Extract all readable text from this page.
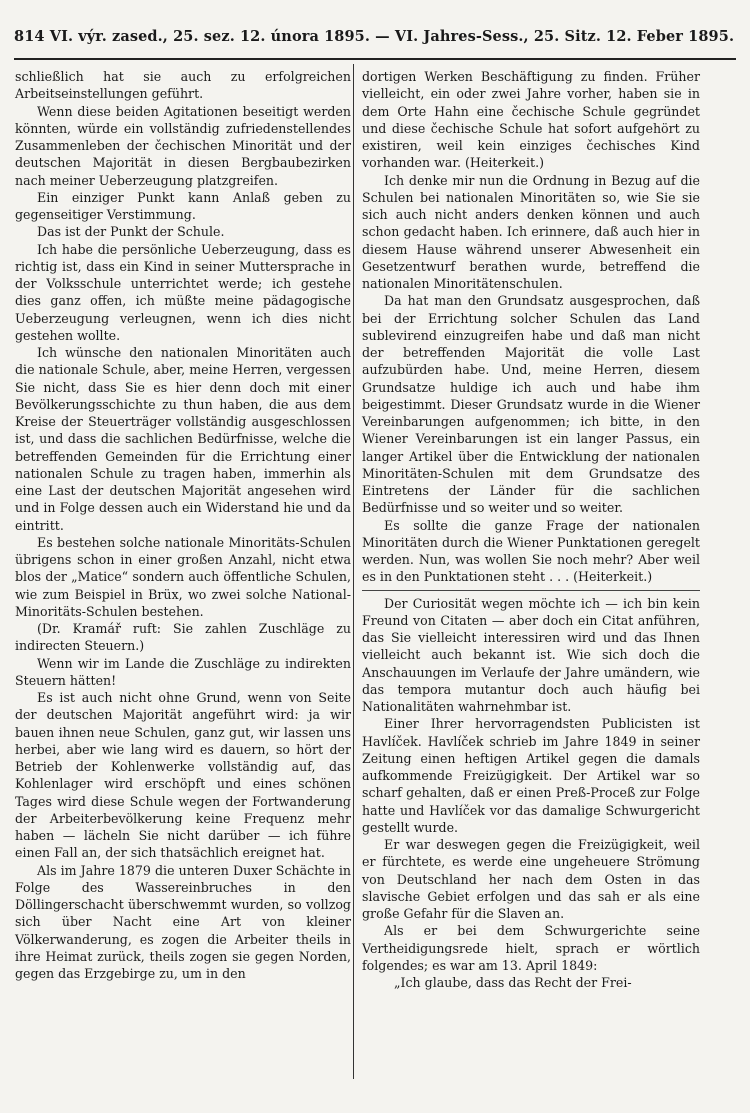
814 VI. výr. zased., 25. sez. 12. února 1895. — VI. Jahres-Sess., 25. Sitz. 12. Feber 1895.

schließlich hat sie auch zu erfolgreichen Arbeitseinstellungen geführt.

Wenn diese beiden Agitationen beseitigt werden könnten, würde ein vollständig zufriedenstellendes Zusammenleben der čechischen Minorität und der deutschen Majorität in diesen Bergbaubezirken nach meiner Ueberzeugung platzgreifen.

Ein einziger Punkt kann Anlaß geben zu gegenseitiger Verstimmung.

Das ist der Punkt der Schule.

Ich habe die persönliche Ueberzeugung, dass es richtig ist, dass ein Kind in seiner Muttersprache in der Volksschule unterrichtet werde; ich gestehe dies ganz offen, ich müßte meine pädagogische Ueberzeugung verleugnen, wenn ich dies nicht gestehen wollte.

Ich wünsche den nationalen Minoritäten auch die nationale Schule, aber, meine Herren, vergessen Sie nicht, dass Sie es hier denn doch mit einer Bevölkerungsschichte zu thun haben, die aus dem Kreise der Steuerträger vollständig ausgeschlossen ist, und dass die sachlichen Bedürfnisse, welche die betreffenden Gemeinden für die Errichtung einer nationalen Schule zu tragen haben, immerhin als eine Last der deutschen Majorität angesehen wird und in Folge dessen auch ein Widerstand hie und da eintritt.

Es bestehen solche nationale Minoritäts-Schulen übrigens schon in einer großen Anzahl, nicht etwa blos der „Matice“ sondern auch öffentliche Schulen, wie zum Beispiel in Brüx, wo zwei solche National-Minoritäts-Schulen bestehen.

(Dr. Kramář ruft: Sie zahlen Zuschläge zu indirecten Steuern.)

Wenn wir im Lande die Zuschläge zu indirekten Steuern hätten!

Es ist auch nicht ohne Grund, wenn von Seite der deutschen Majorität angeführt wird: ja wir bauen ihnen neue Schulen, ganz gut, wir lassen uns herbei, aber wie lang wird es dauern, so hört der Betrieb der Kohlenwerke vollständig auf, das Kohlenlager wird erschöpft und eines schönen Tages wird diese Schule wegen der Fortwanderung der Arbeiterbevölkerung keine Frequenz mehr haben — lächeln Sie nicht darüber — ich führe einen Fall an, der sich thatsächlich ereignet hat.

Als im Jahre 1879 die unteren Duxer Schächte in Folge des Wassereinbruches in den Döllingerschacht überschwemmt wurden, so vollzog sich über Nacht eine Art von kleiner Völkerwanderung, es zogen die Arbeiter theils in ihre Heimat zurück, theils zogen sie gegen Norden, gegen das Erzgebirge zu, um in den

dortigen Werken Beschäftigung zu finden. Früher vielleicht, ein oder zwei Jahre vorher, haben sie in dem Orte Hahn eine čechische Schule gegründet und diese čechische Schule hat sofort aufgehört zu existiren, weil kein einziges čechisches Kind vorhanden war. (Heiterkeit.)

Ich denke mir nun die Ordnung in Bezug auf die Schulen bei nationalen Minoritäten so, wie Sie sie sich auch nicht anders denken können und auch schon gedacht haben. Ich erinnere, daß auch hier in diesem Hause während unserer Abwesenheit ein Gesetzentwurf berathen wurde, betreffend die nationalen Minoritätenschulen.

Da hat man den Grundsatz ausgesprochen, daß bei der Errichtung solcher Schulen das Land sublevirend einzugreifen habe und daß man nicht der betreffenden Majorität die volle Last aufzubürden habe. Und, meine Herren, diesem Grundsatze huldige ich auch und habe ihm beigestimmt. Dieser Grundsatz wurde in die Wiener Vereinbarungen aufgenommen; ich bitte, in den Wiener Vereinbarungen ist ein langer Passus, ein langer Artikel über die Entwicklung der nationalen Minoritäten-Schulen mit dem Grundsatze des Eintretens der Länder für die sachlichen Bedürfnisse und so weiter und so weiter.

Es sollte die ganze Frage der nationalen Minoritäten durch die Wiener Punktationen geregelt werden. Nun, was wollen Sie noch mehr? Aber weil es in den Punktationen steht . . . (Heiterkeit.)

Der Curiosität wegen möchte ich — ich bin kein Freund von Citaten — aber doch ein Citat anführen, das Sie vielleicht interessiren wird und das Ihnen vielleicht auch bekannt ist. Wie sich doch die Anschauungen im Verlaufe der Jahre umändern, wie das tempora mutantur doch auch häufig bei Nationalitäten wahrnehmbar ist.

Einer Ihrer hervorragendsten Publicisten ist Havlíček. Havlíček schrieb im Jahre 1849 in seiner Zeitung einen heftigen Artikel gegen die damals aufkommende Freizügigkeit. Der Artikel war so scharf gehalten, daß er einen Preß-Proceß zur Folge hatte und Havlíček vor das damalige Schwurgericht gestellt wurde.

Er war deswegen gegen die Freizügigkeit, weil er fürchtete, es werde eine ungeheuere Strömung von Deutschland her nach dem Osten in das slavische Gebiet erfolgen und das sah er als eine große Gefahr für die Slaven an.

Als er bei dem Schwurgerichte seine Vertheidigungsrede hielt, sprach er wörtlich folgendes; es war am 13. April 1849:

„Ich glaube, dass das Recht der Frei-
